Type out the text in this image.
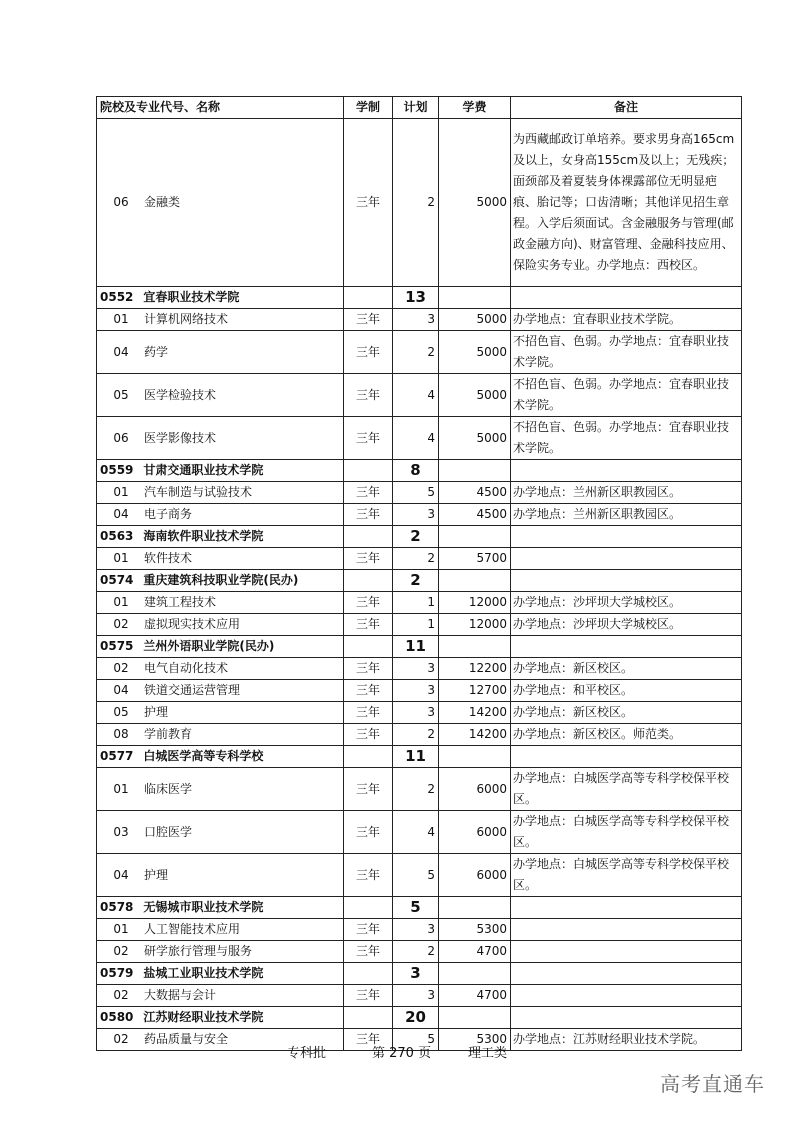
院校及专业代号、名称	学制	计划	学费	备注
06 金融类	三年	2	5000	为西藏邮政订单培养。要求男身高165cm及以上，女身高155cm及以上；无残疾；面颈部及着夏装身体裸露部位无明显疤痕、胎记等；口齿清晰；其他详见招生章程。入学后须面试。含金融服务与管理(邮政金融方向)、财富管理、金融科技应用、保险实务专业。办学地点：西校区。
0552 宜春职业技术学院		13		
01 计算机网络技术	三年	3	5000	办学地点：宜春职业技术学院。
04 药学	三年	2	5000	不招色盲、色弱。办学地点：宜春职业技术学院。
05 医学检验技术	三年	4	5000	不招色盲、色弱。办学地点：宜春职业技术学院。
06 医学影像技术	三年	4	5000	不招色盲、色弱。办学地点：宜春职业技术学院。
0559 甘肃交通职业技术学院		8		
01 汽车制造与试验技术	三年	5	4500	办学地点：兰州新区职教园区。
04 电子商务	三年	3	4500	办学地点：兰州新区职教园区。
0563 海南软件职业技术学院		2		
01 软件技术	三年	2	5700	
0574 重庆建筑科技职业学院(民办)		2		
01 建筑工程技术	三年	1	12000	办学地点：沙坪坝大学城校区。
02 虚拟现实技术应用	三年	1	12000	办学地点：沙坪坝大学城校区。
0575 兰州外语职业学院(民办)		11		
02 电气自动化技术	三年	3	12200	办学地点：新区校区。
04 铁道交通运营管理	三年	3	12700	办学地点：和平校区。
05 护理	三年	3	14200	办学地点：新区校区。
08 学前教育	三年	2	14200	办学地点：新区校区。师范类。
0577 白城医学高等专科学校		11		
01 临床医学	三年	2	6000	办学地点：白城医学高等专科学校保平校区。
03 口腔医学	三年	4	6000	办学地点：白城医学高等专科学校保平校区。
04 护理	三年	5	6000	办学地点：白城医学高等专科学校保平校区。
0578 无锡城市职业技术学院		5		
01 人工智能技术应用	三年	3	5300	
02 研学旅行管理与服务	三年	2	4700	
0579 盐城工业职业技术学院		3		
02 大数据与会计	三年	3	4700	
0580 江苏财经职业技术学院		20		
02 药品质量与安全	三年	5	5300	办学地点：江苏财经职业技术学院。
专科批	第 270 页	理工类
高考直通车
